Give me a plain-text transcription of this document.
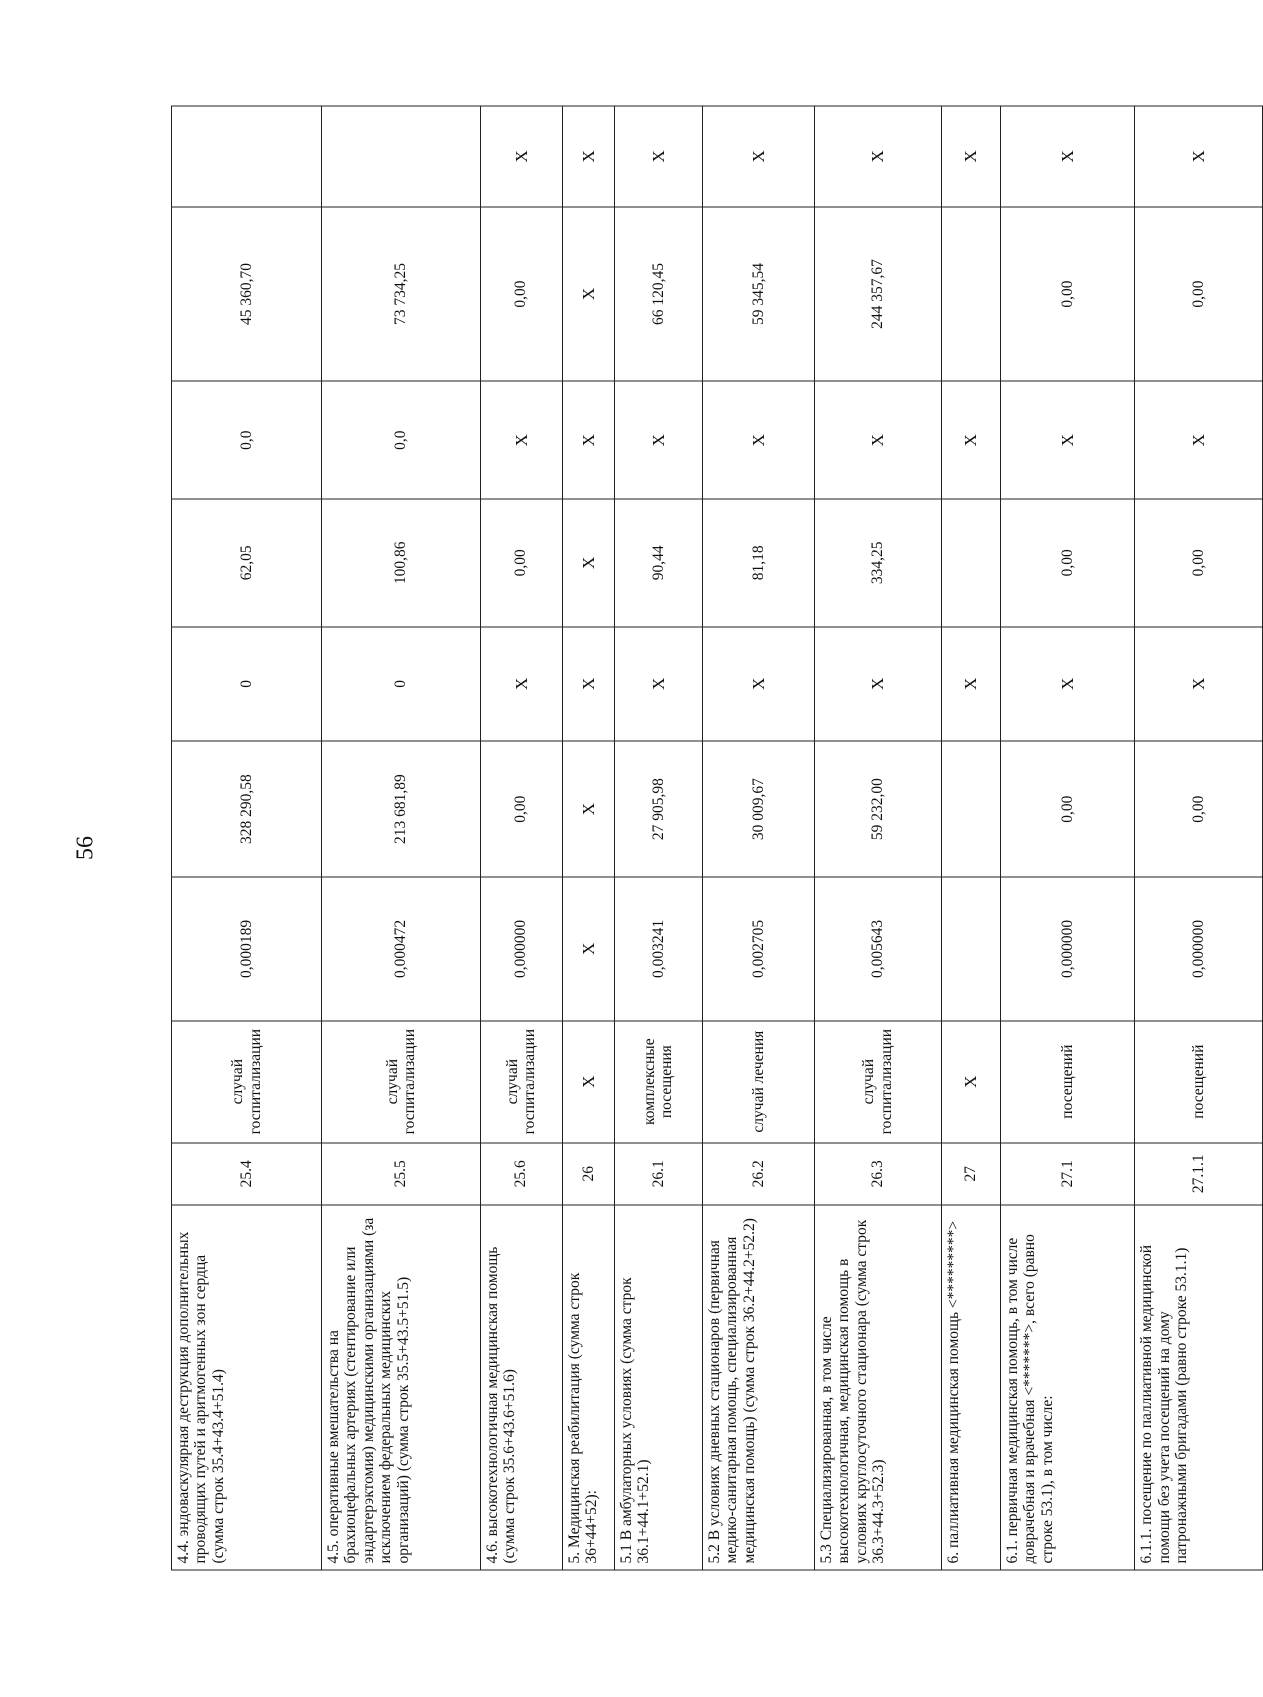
56
4.4. эндоваскулярная деструкция дополнительных проводящих путей и аритмогенных зон сердца (сумма строк 35.4+43.4+51.4)	25.4	случай госпитализации	0,000189	328 290,58	0	62,05	0,0	45 360,70	
4.5. оперативные вмешательства на брахиоцефальных артериях (стентирование или эндартерэктомия) медицинскими организациями (за исключением федеральных медицинских организаций) (сумма строк 35.5+43.5+51.5)	25.5	случай госпитализации	0,000472	213 681,89	0	100,86	0,0	73 734,25	
4.6. высокотехнологичная медицинская помощь (сумма строк 35.6+43.6+51.6)	25.6	случай госпитализации	0,000000	0,00	Х	0,00	Х	0,00	Х
5. Медицинская реабилитация (сумма строк 36+44+52):	26	Х	Х	Х	Х	Х	Х	Х	Х
5.1 В амбулаторных условиях (сумма строк 36.1+44.1+52.1)	26.1	комплексные посещения	0,003241	27 905,98	Х	90,44	Х	66 120,45	Х
5.2 В условиях дневных стационаров (первичная медико-санитарная помощь, специализированная медицинская помощь) (сумма строк 36.2+44.2+52.2)	26.2	случай лечения	0,002705	30 009,67	Х	81,18	Х	59 345,54	Х
5.3 Специализированная, в том числе высокотехнологичная, медицинская помощь в условиях круглосуточного стационара (сумма строк 36.3+44.3+52.3)	26.3	случай госпитализации	0,005643	59 232,00	Х	334,25	Х	244 357,67	Х
6. паллиативная медицинская помощь <*********>	27	Х			Х		Х		Х
6.1. первичная медицинская помощь, в том числе доврачебная и врачебная <*******>, всего (равно строке 53.1), в том числе:	27.1	посещений	0,000000	0,00	Х	0,00	Х	0,00	Х
6.1.1. посещение по паллиативной медицинской помощи без учета посещений на дому патронажными бригадами (равно строке 53.1.1)	27.1.1	посещений	0,000000	0,00	Х	0,00	Х	0,00	Х
